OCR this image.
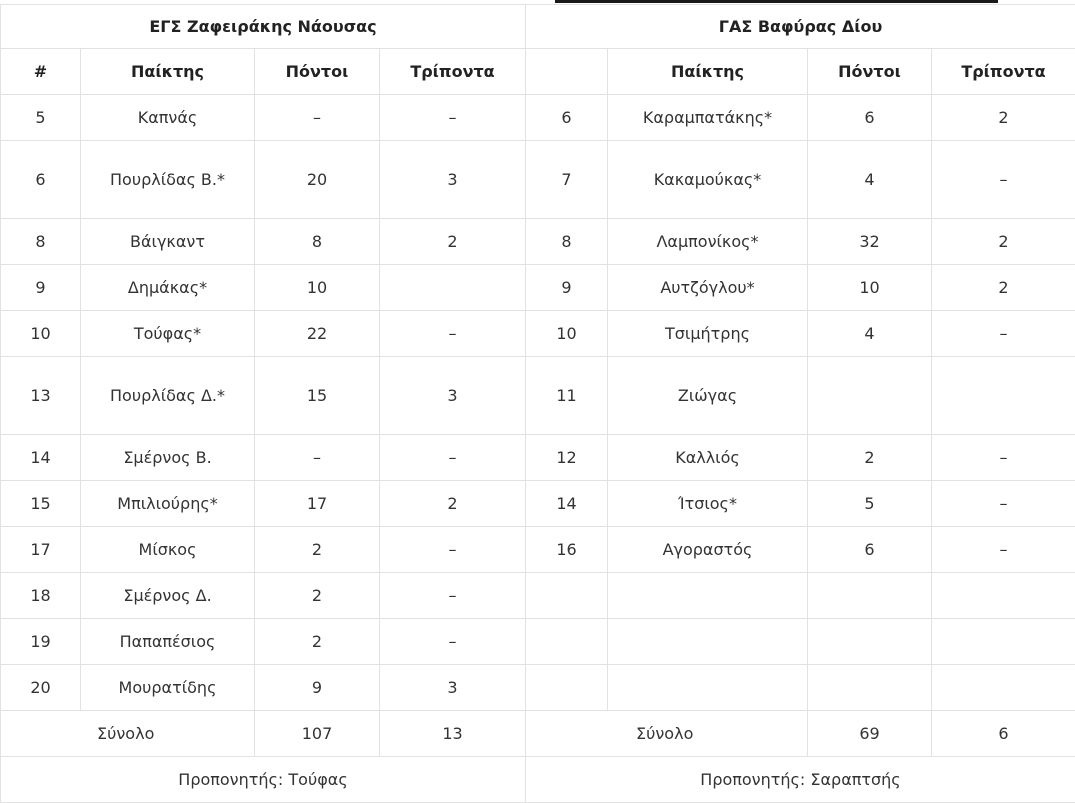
ΕΓΣ Ζαφειράκης Νάουσας				ΓΑΣ Βαφύρας Δίου			
#	Παίκτης	Πόντοι	Τρίποντα		Παίκτης	Πόντοι	Τρίποντα
5	Καπνάς	–	–	6	Καραμπατάκης*	6	2
6	Πουρλίδας Β.*	20	3	7	Κακαμούκας*	4	–
8	Βάιγκαντ	8	2	8	Λαμπονίκος*	32	2
9	Δημάκας*	10		9	Αυτζόγλου*	10	2
10	Τούφας*	22	–	10	Τσιμήτρης	4	–
13	Πουρλίδας Δ.*	15	3	11	Ζιώγας		
14	Σμέρνος Β.	–	–	12	Καλλιός	2	–
15	Μπιλιούρης*	17	2	14	Ίτσιος*	5	–
17	Μίσκος	2	–	16	Αγοραστός	6	–
18	Σμέρνος Δ.	2	–				
19	Παπαπέσιος	2	–				
20	Μουρατίδης	9	3				
Σύνολο		107	13	Σύνολο		69	6
Προπονητής: Τούφας				Προπονητής: Σαραπτσής			
